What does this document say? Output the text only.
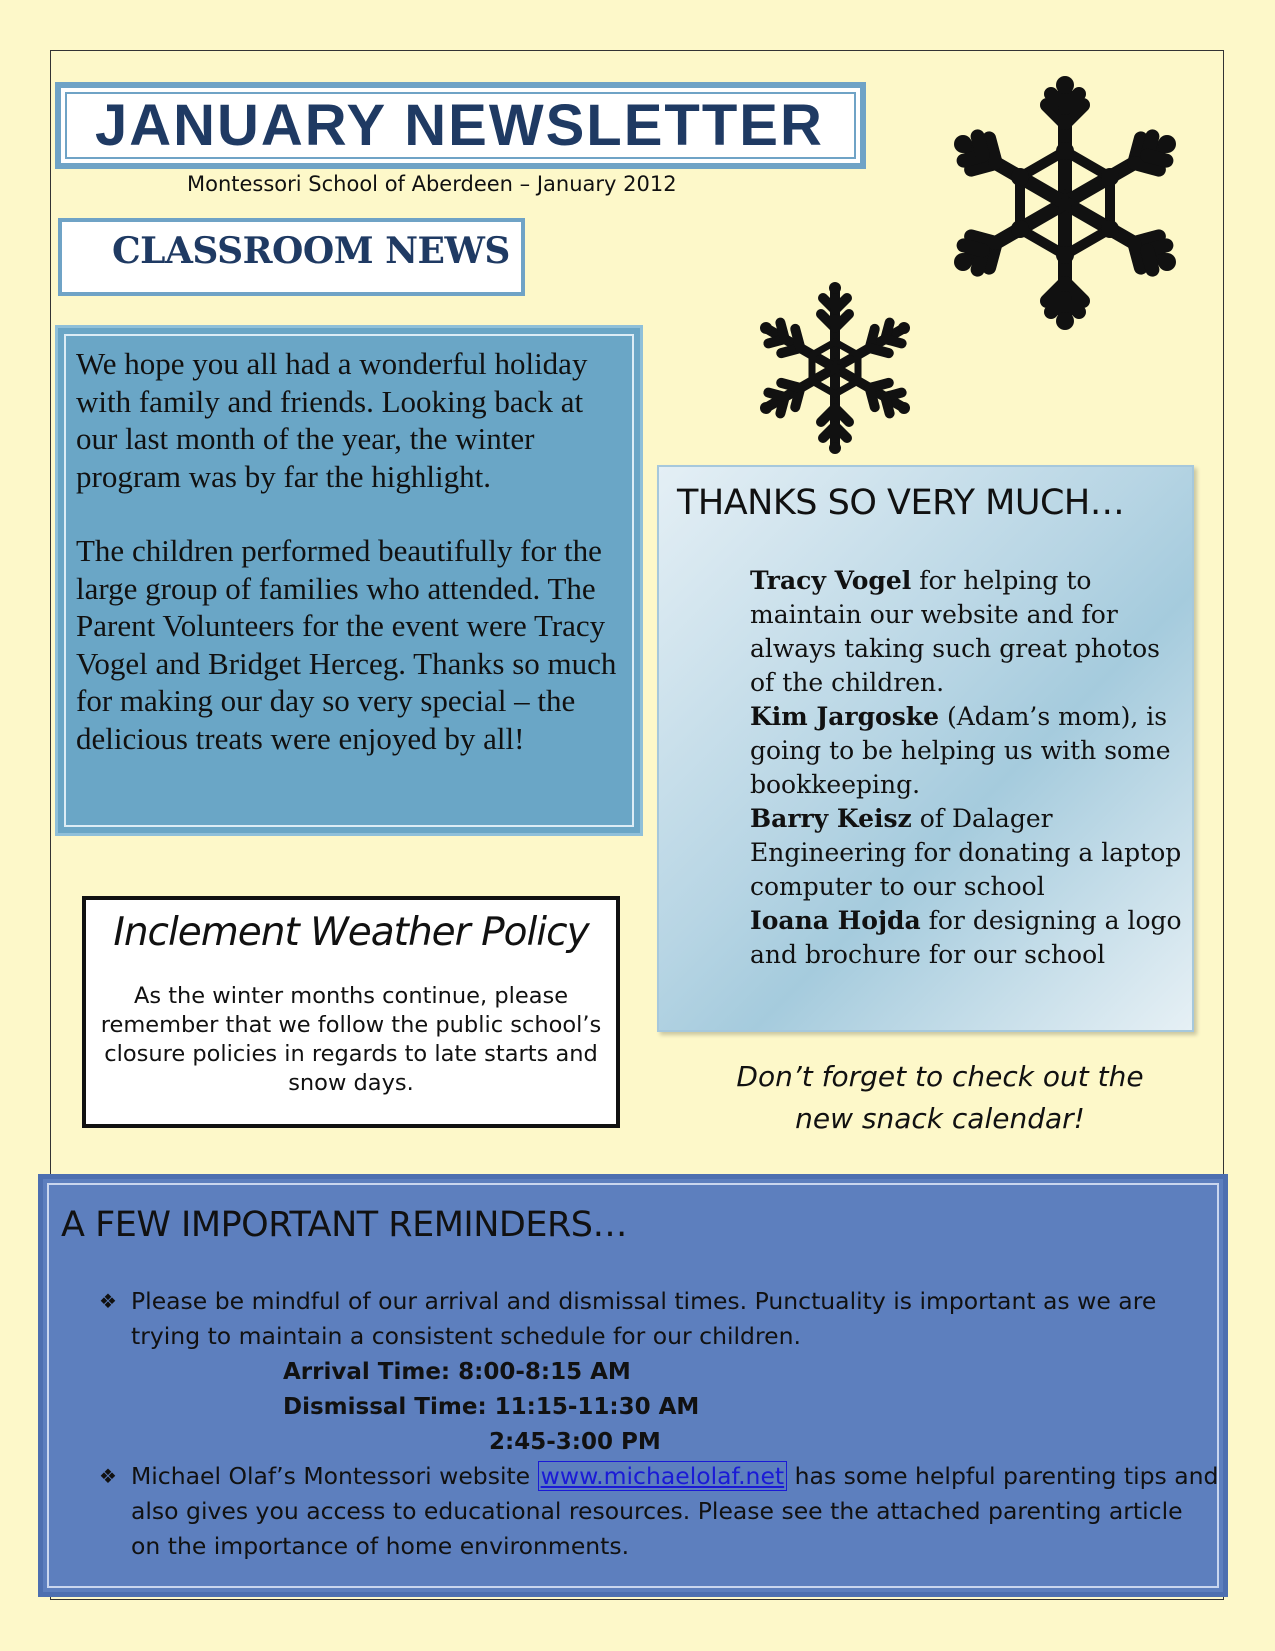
JANUARY NEWSLETTER
Montessori School of Aberdeen – January 2012
CLASSROOM NEWS

We hope you all had a wonderful holiday with family and friends. Looking back at our last month of the year, the winter program was by far the highlight.

The children performed beautifully for the large group of families who attended. The Parent Volunteers for the event were Tracy Vogel and Bridget Herceg. Thanks so much for making our day so very special – the delicious treats were enjoyed by all!

THANKS SO VERY MUCH…
Tracy Vogel for helping to maintain our website and for always taking such great photos of the children.
Kim Jargoske (Adam’s mom), is going to be helping us with some bookkeeping.
Barry Keisz of Dalager Engineering for donating a laptop computer to our school
Ioana Hojda for designing a logo and brochure for our school
Inclement Weather Policy
As the winter months continue, please remember that we follow the public school’s closure policies in regards to late starts and snow days.	Don’t forget to check out the
new snack calendar!
A FEW IMPORTANT REMINDERS…
❖ Please be mindful of our arrival and dismissal times. Punctuality is important as we are trying to maintain a consistent schedule for our children.
Arrival Time: 8:00-8:15 AM
Dismissal Time: 11:15-11:30 AM
2:45-3:00 PM
❖ Michael Olaf’s Montessori website www.michaelolaf.net has some helpful parenting tips and also gives you access to educational resources. Please see the attached parenting article on the importance of home environments.
